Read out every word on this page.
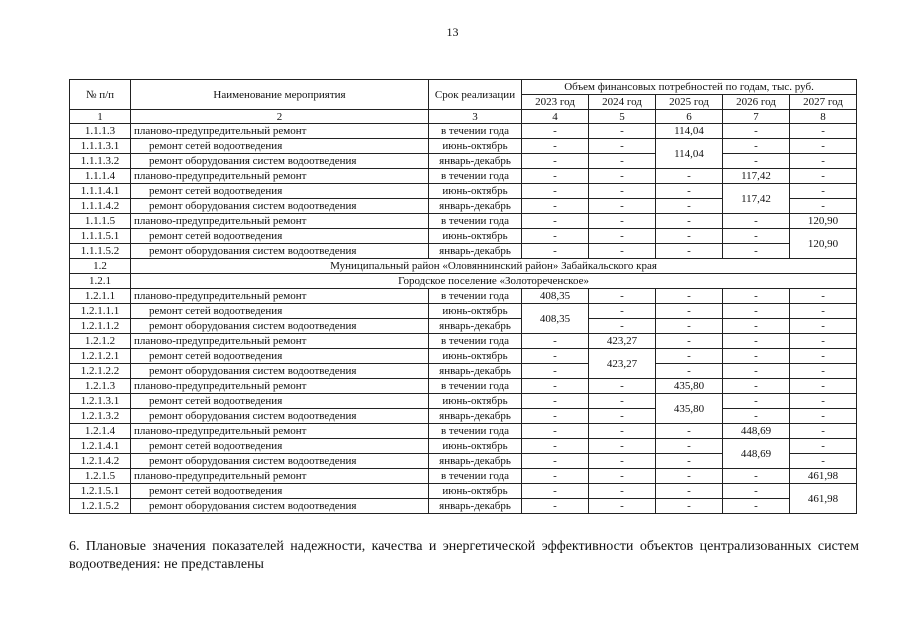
13
№ п/п	Наименование мероприятия	Срок реализации	Объем финансовых потребностей по годам, тыс. руб.				
			2023 год	2024 год	2025 год	2026 год	2027 год
1	2	3	4	5	6	7	8
1.1.1.3	планово-предупредительный ремонт	в течении года	-	-	114,04	-	-
1.1.1.3.1	ремонт сетей водоотведения	июнь-октябрь	-	-	114,04	-	-
1.1.1.3.2	ремонт оборудования систем водоотведения	январь-декабрь	-	-		-	-
1.1.1.4	планово-предупредительный ремонт	в течении года	-	-	-	117,42	-
1.1.1.4.1	ремонт сетей водоотведения	июнь-октябрь	-	-	-	117,42	-
1.1.1.4.2	ремонт оборудования систем водоотведения	январь-декабрь	-	-	-		-
1.1.1.5	планово-предупредительный ремонт	в течении года	-	-	-	-	120,90
1.1.1.5.1	ремонт сетей водоотведения	июнь-октябрь	-	-	-	-	120,90
1.1.1.5.2	ремонт оборудования систем водоотведения	январь-декабрь	-	-	-	-	
1.2	Муниципальный район «Оловяннинский район» Забайкальского края						
1.2.1	Городское поселение «Золотореченское»						
1.2.1.1	планово-предупредительный ремонт	в течении года	408,35	-	-	-	-
1.2.1.1.1	ремонт сетей водоотведения	июнь-октябрь	408,35	-	-	-	-
1.2.1.1.2	ремонт оборудования систем водоотведения	январь-декабрь		-	-	-	-
1.2.1.2	планово-предупредительный ремонт	в течении года	-	423,27	-	-	-
1.2.1.2.1	ремонт сетей водоотведения	июнь-октябрь	-	423,27	-	-	-
1.2.1.2.2	ремонт оборудования систем водоотведения	январь-декабрь	-		-	-	-
1.2.1.3	планово-предупредительный ремонт	в течении года	-	-	435,80	-	-
1.2.1.3.1	ремонт сетей водоотведения	июнь-октябрь	-	-	435,80	-	-
1.2.1.3.2	ремонт оборудования систем водоотведения	январь-декабрь	-	-		-	-
1.2.1.4	планово-предупредительный ремонт	в течении года	-	-	-	448,69	-
1.2.1.4.1	ремонт сетей водоотведения	июнь-октябрь	-	-	-	448,69	-
1.2.1.4.2	ремонт оборудования систем водоотведения	январь-декабрь	-	-	-		-
1.2.1.5	планово-предупредительный ремонт	в течении года	-	-	-	-	461,98
1.2.1.5.1	ремонт сетей водоотведения	июнь-октябрь	-	-	-	-	461,98
1.2.1.5.2	ремонт оборудования систем водоотведения	январь-декабрь	-	-	-	-	
6. Плановые значения показателей надежности, качества и энергетической эффективности объектов централизованных систем водоотведения: не представлены
